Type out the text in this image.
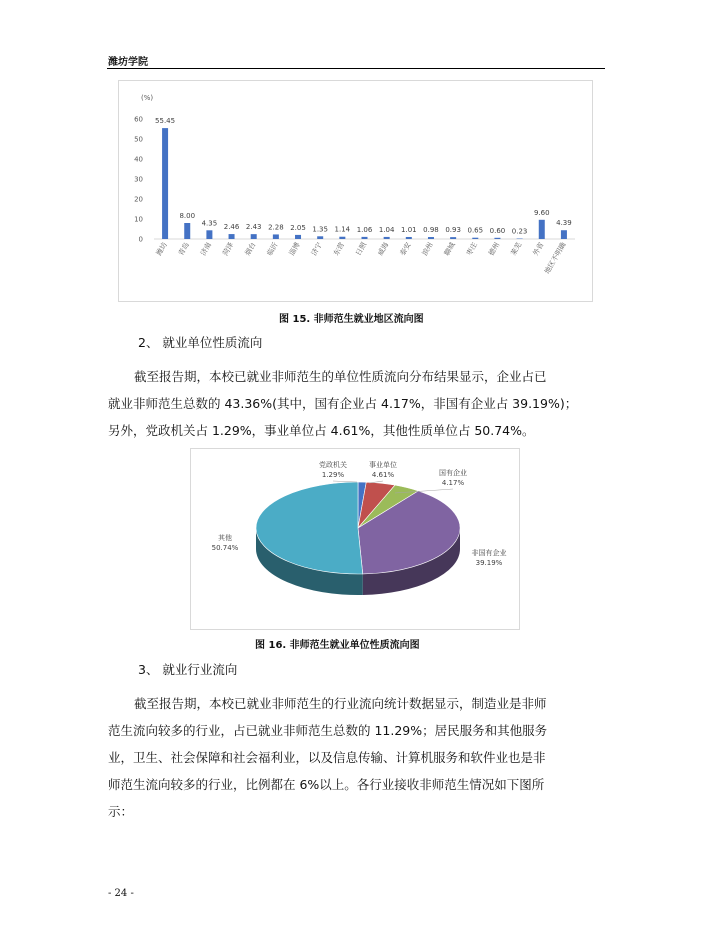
潍坊学院
(%)
0
10
20
30
40
50
60 55.45
潍坊
8.00
青岛
4.35
济南
2.46
菏泽
2.43
烟台
2.28
临沂
2.05
淄博
1.35
济宁
1.14
东营
1.06
日照
1.04
威海
1.01
泰安
0.98
滨州
0.93
聊城
0.65
枣庄
0.60
德州
0.23
莱芜
9.60
外省
4.39
地区不明确
图 15. 非师范生就业地区流向图
2、 就业单位性质流向

截至报告期，本校已就业非师范生的单位性质流向分布结果显示，企业占已
就业非师范生总数的 43.36%(其中，国有企业占 4.17%，非国有企业占 39.19%)；
另外，党政机关占 1.29%，事业单位占 4.61%，其他性质单位占 50.74%。

党政机关
1.29%
事业单位
4.61%	国有企业
4.17%
非国有企业
39.19%
其他
50.74%
图 16. 非师范生就业单位性质流向图
3、 就业行业流向

截至报告期，本校已就业非师范生的行业流向统计数据显示，制造业是非师
范生流向较多的行业，占已就业非师范生总数的 11.29%；居民服务和其他服务
业，卫生、社会保障和社会福利业，以及信息传输、计算机服务和软件业也是非
师范生流向较多的行业，比例都在 6%以上。各行业接收非师范生情况如下图所
示：

- 24 -
